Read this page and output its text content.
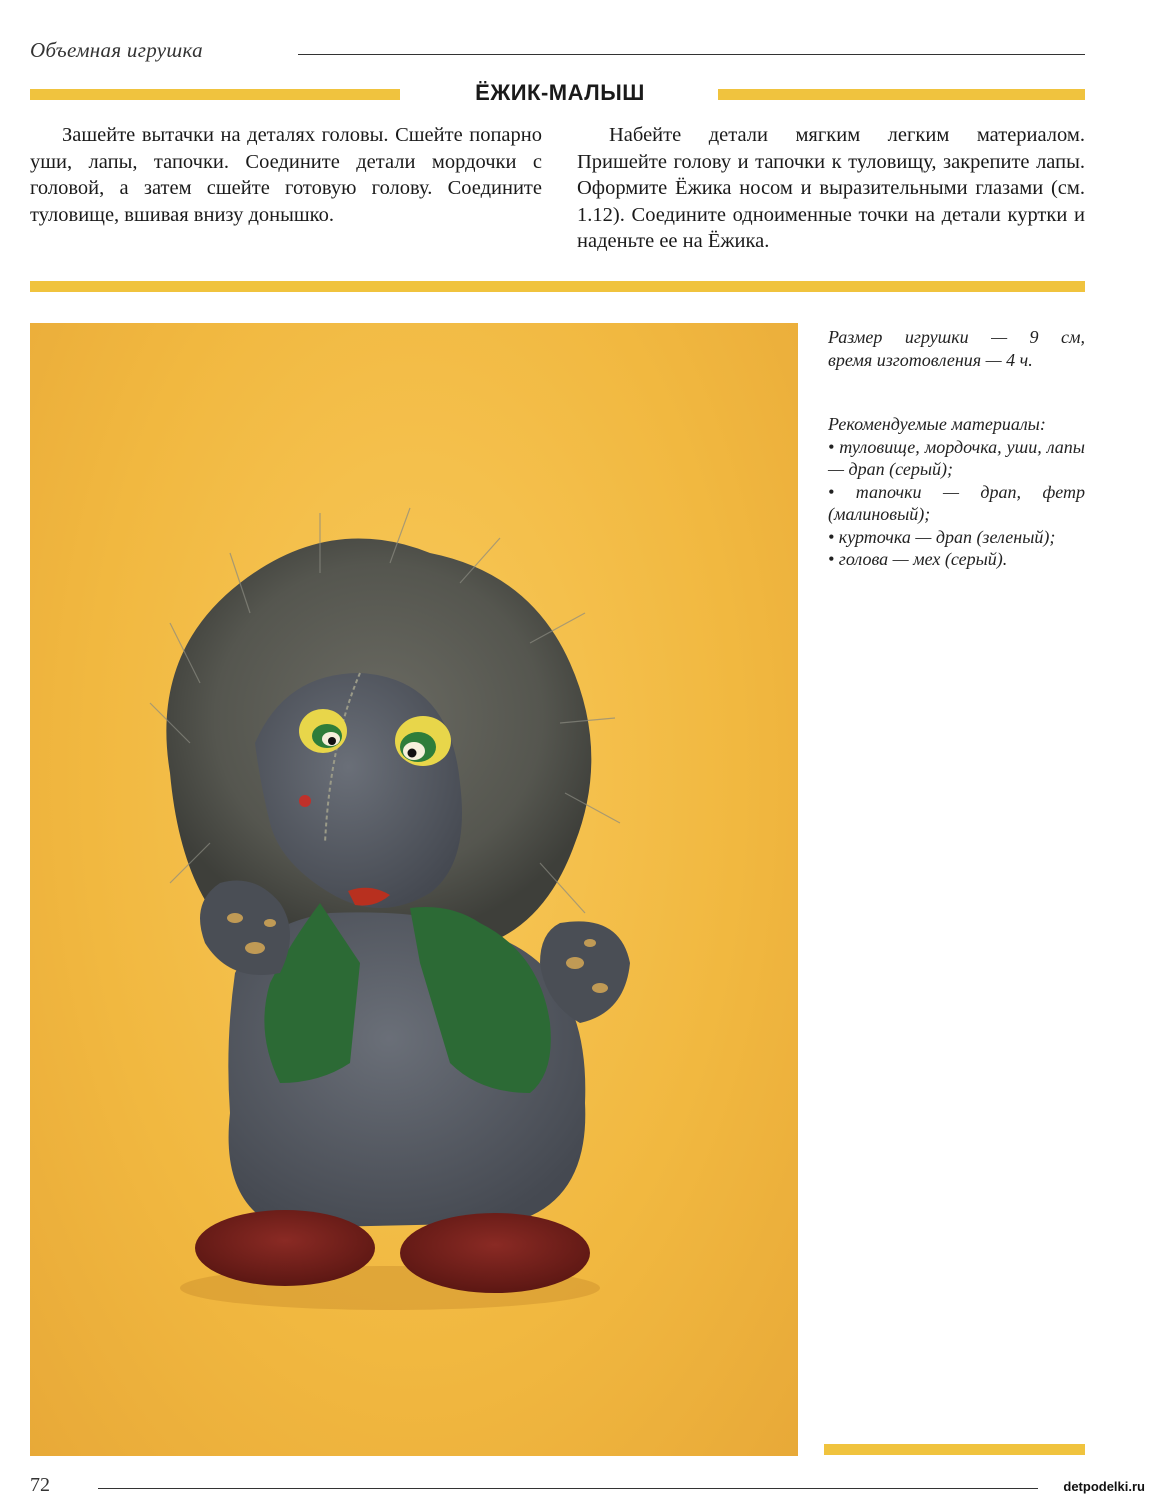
Объемная игрушка
ЁЖИК-МАЛЫШ
Зашейте вытачки на деталях головы. Сшейте попарно уши, лапы, тапочки. Соедините детали мордочки с головой, а затем сшейте готовую голову. Соедините туловище, вшивая внизу донышко.
Набейте детали мягким легким материалом. Пришейте голову и тапочки к туловищу, закрепите лапы. Оформите Ёжика носом и выразительными глазами (см. 1.12). Соедините одноименные точки на детали куртки и наденьте ее на Ёжика.

Размер игрушки — 9 см,

время изготовления — 4 ч.

Рекомендуемые материалы:

• туловище, мордочка, уши, лапы — драп (серый);

• тапочки — драп, фетр (малиновый);

• курточка — драп (зеленый);

• голова — мех (серый).

72	detpodelki.ru
